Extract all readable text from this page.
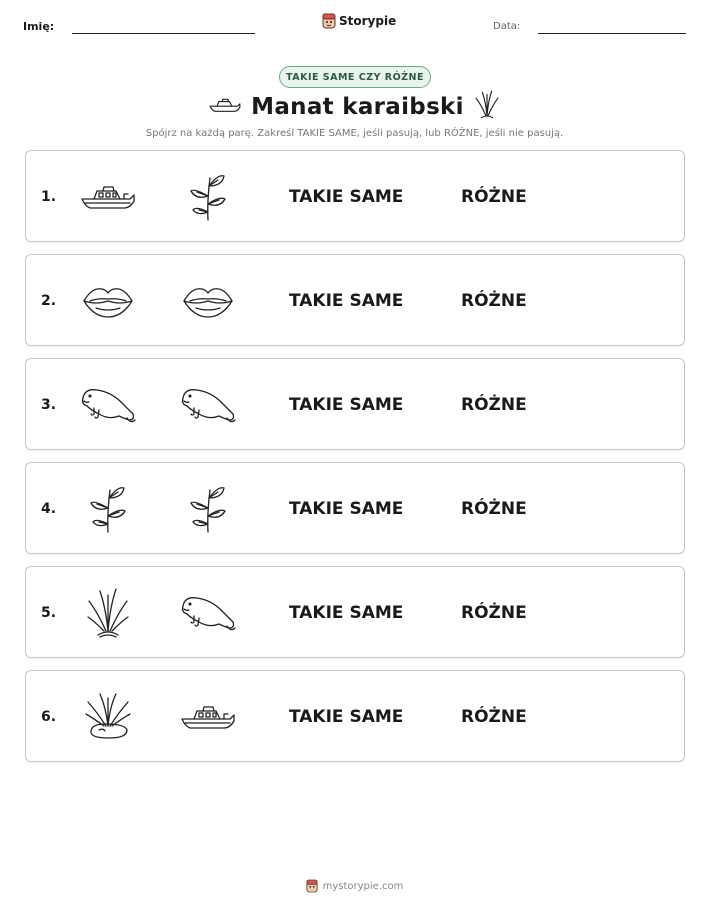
Imię:	Storypie	Data:
TAKIE SAME CZY RÓŻNE
Manat karaibski
Spójrz na każdą parę. Zakreśl TAKIE SAME, jeśli pasują, lub RÓŻNE, jeśli nie pasują.
1.	TAKIE SAME	RÓŻNE
2.	TAKIE SAME	RÓŻNE
3.	TAKIE SAME	RÓŻNE
4.	TAKIE SAME	RÓŻNE
5.	TAKIE SAME	RÓŻNE
6.	TAKIE SAME	RÓŻNE
mystorypie.com
